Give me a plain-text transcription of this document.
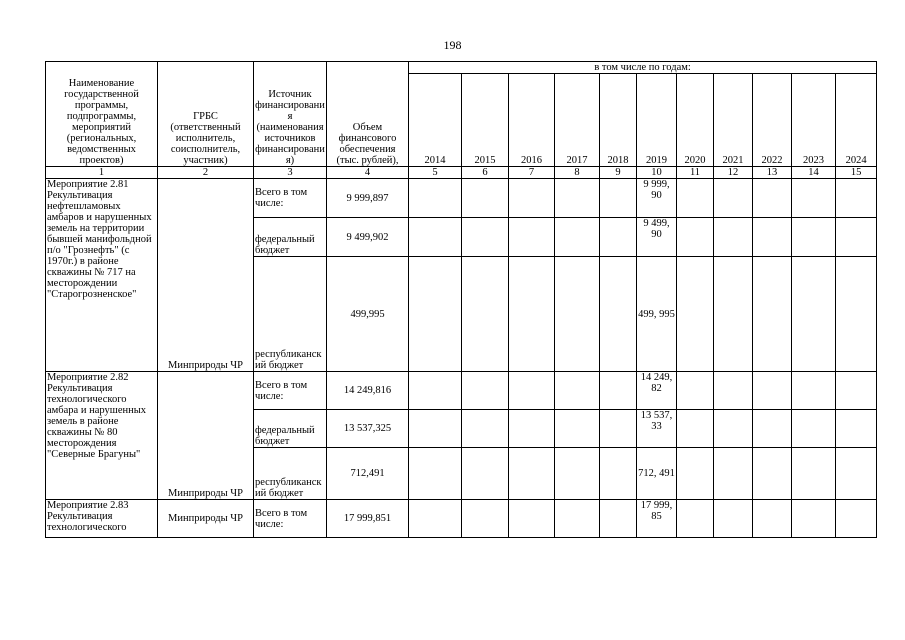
198
Наименование государственной программы, подпрограммы, мероприятий (региональных, ведомственных проектов)	ГРБС (ответственный исполнитель, соисполнитель, участник)	Источник финансирования (наименования источников финансирования)	Объем финансового обеспечения (тыс. рублей),	в том числе по годам:										
				2014	2015	2016	2017	2018	2019	2020	2021	2022	2023	2024
1	2	3	4	5	6	7	8	9	10	11	12	13	14	15
Мероприятие 2.81 Рекультивация нефтешламовых амбаров и нарушенных земель на территории бывшей манифольдной п/о "Грознефть" (с 1970г.) в районе скважины № 717 на месторождении "Старогрозненское"	Минприроды ЧР	Всего в том числе:	9 999,897						9 999, 90					
		федеральный бюджет	9 499,902						9 499, 90					
		республиканский бюджет	499,995						499, 995					
Мероприятие 2.82 Рекультивация технологического амбара и нарушенных земель в районе скважины № 80 месторождения "Северные Брагуны"	Минприроды ЧР	Всего в том числе:	14 249,816						14 249, 82					
		федеральный бюджет	13 537,325						13 537, 33					
		республиканский бюджет	712,491						712, 491					
Мероприятие 2.83 Рекультивация технологического	Минприроды ЧР	Всего в том числе:	17 999,851						17 999, 85					
